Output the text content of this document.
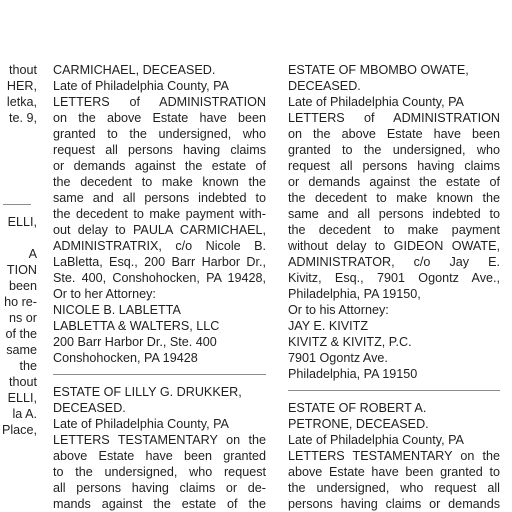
thout
HER,
letka,
te. 9,
ELLI,
A
TION
been
ho re-
ns or
of the
same
the
thout
ELLI,
la A.
Place,
CARMICHAEL, DECEASED.
Late of Philadelphia County, PA
LETTERS of ADMINISTRATION
on the above Estate have been
granted to the undersigned, who
request all persons having claims
or demands against the estate of
the decedent to make known the
same and all persons indebted to
the decedent to make payment with-
out delay to PAULA CARMICHAEL,
ADMINISTRATRIX, c/o Nicole B.
LaBletta, Esq., 200 Barr Harbor Dr.,
Ste. 400, Conshohocken, PA 19428,
Or to her Attorney:
NICOLE B. LABLETTA
LABLETTA & WALTERS, LLC
200 Barr Harbor Dr., Ste. 400
Conshohocken, PA 19428
ESTATE OF LILLY G. DRUKKER,
DECEASED.
Late of Philadelphia County, PA
LETTERS TESTAMENTARY on the
above Estate have been granted
to the undersigned, who request
all persons having claims or de-
mands against the estate of the
ESTATE OF MBOMBO OWATE,
DECEASED.
Late of Philadelphia County, PA
LETTERS of ADMINISTRATION
on the above Estate have been
granted to the undersigned, who
request all persons having claims
or demands against the estate of
the decedent to make known the
same and all persons indebted to
the decedent to make payment
without delay to GIDEON OWATE,
ADMINISTRATOR, c/o Jay E.
Kivitz, Esq., 7901 Ogontz Ave.,
Philadelphia, PA 19150,
Or to his Attorney:
JAY E. KIVITZ
KIVITZ & KIVITZ, P.C.
7901 Ogontz Ave.
Philadelphia, PA 19150
ESTATE OF ROBERT A.
PETRONE, DECEASED.
Late of Philadelphia County, PA
LETTERS TESTAMENTARY on the
above Estate have been granted to
the undersigned, who request all
persons having claims or demands
